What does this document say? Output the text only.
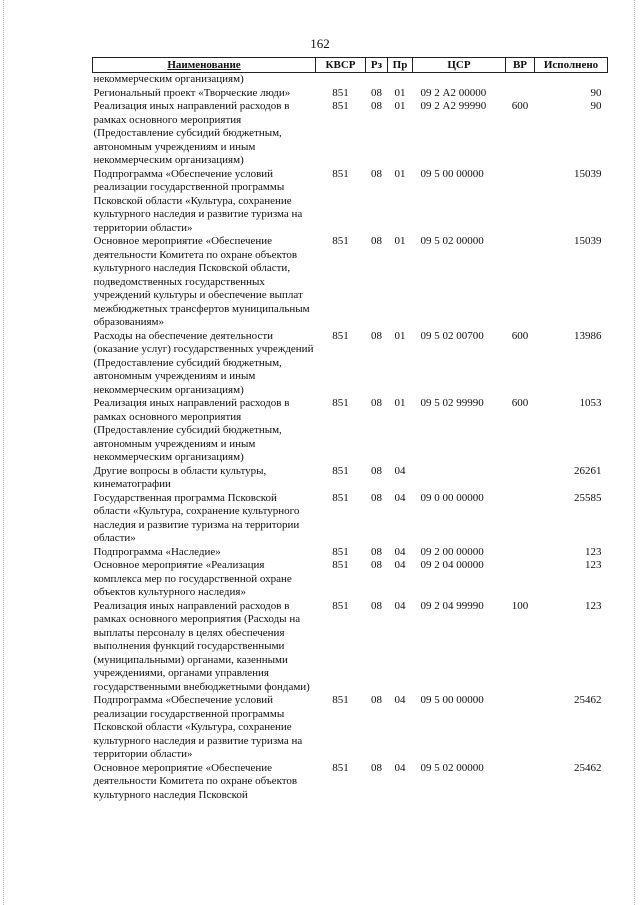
162

Наименование	КВСР	Рз	Пр	ЦСР	ВР	Исполнено
некоммерческим организациям)						
Региональный проект «Творческие люди»	851	08	01	09 2 А2 00000		90
Реализация иных направлений расходов в рамках основного мероприятия (Предоставление субсидий бюджетным, автономным учреждениям и иным некоммерческим организациям)	851	08	01	09 2 А2 99990	600	90
Подпрограмма «Обеспечение условий реализации государственной программы Псковской области «Культура, сохранение культурного наследия и развитие туризма на территории области»	851	08	01	09 5 00 00000		15039
Основное мероприятие «Обеспечение деятельности Комитета по охране объектов культурного наследия Псковской области, подведомственных государственных учреждений культуры и обеспечение выплат межбюджетных трансфертов муниципальным образованиям»	851	08	01	09 5 02 00000		15039
Расходы на обеспечение деятельности (оказание услуг) государственных учреждений (Предоставление субсидий бюджетным, автономным учреждениям и иным некоммерческим организациям)	851	08	01	09 5 02 00700	600	13986
Реализация иных направлений расходов в рамках основного мероприятия (Предоставление субсидий бюджетным, автономным учреждениям и иным некоммерческим организациям)	851	08	01	09 5 02 99990	600	1053
Другие вопросы в области культуры, кинематографии	851	08	04			26261
Государственная программа Псковской области «Культура, сохранение культурного наследия и развитие туризма на территории области»	851	08	04	09 0 00 00000		25585
Подпрограмма «Наследие»	851	08	04	09 2 00 00000		123
Основное мероприятие «Реализация комплекса мер по государственной охране объектов культурного наследия»	851	08	04	09 2 04 00000		123
Реализация иных направлений расходов в рамках основного мероприятия (Расходы на выплаты персоналу в целях обеспечения выполнения функций государственными (муниципальными) органами, казенными учреждениями, органами управления государственными внебюджетными фондами)	851	08	04	09 2 04 99990	100	123
Подпрограмма «Обеспечение условий реализации государственной программы Псковской области «Культура, сохранение культурного наследия и развитие туризма на территории области»	851	08	04	09 5 00 00000		25462
Основное мероприятие «Обеспечение деятельности Комитета по охране объектов культурного наследия Псковской	851	08	04	09 5 02 00000		25462
